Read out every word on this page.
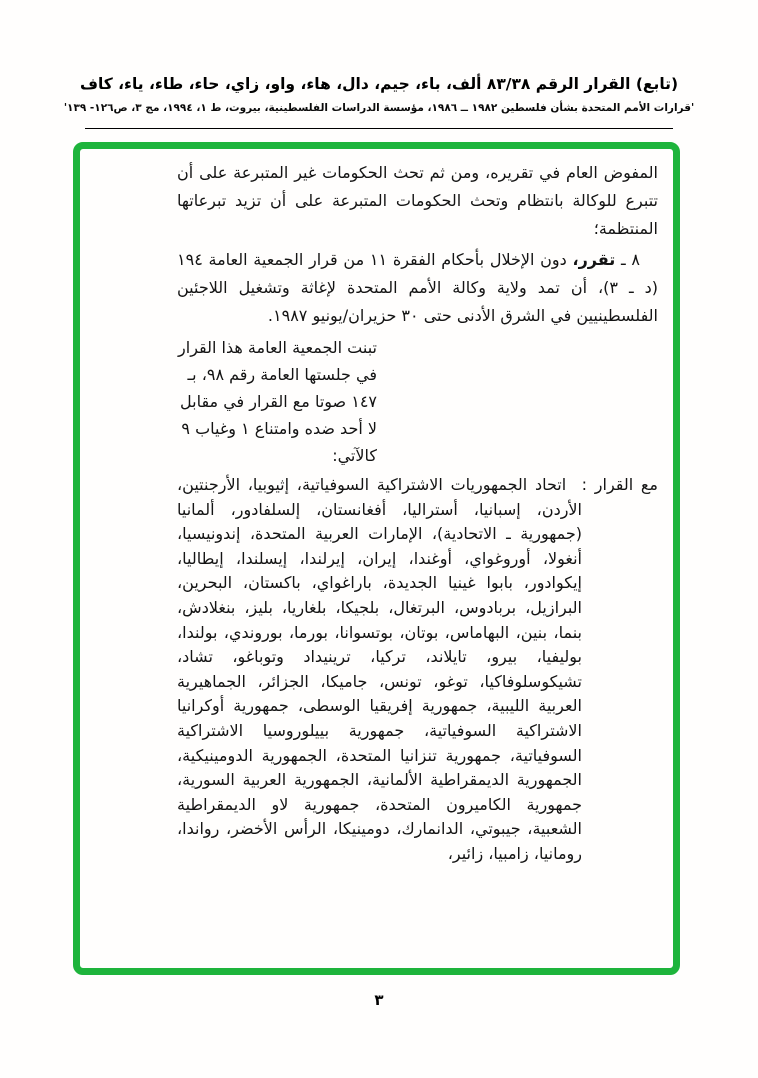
(تابع) القرار الرقم ٨٣/٣٨ ألف، باء، جيم، دال، هاء، واو، زاي، حاء، طاء، ياء، كاف
'قرارات الأمم المتحدة بشأن فلسطين ١٩٨٢ ــ ١٩٨٦، مؤسسة الدراسات الفلسطينية، بيروت، ط ١، ١٩٩٤، مج ٣، ص١٢٦- ١٣٩'

المفوض العام في تقريره، ومن ثم تحث الحكومات غير المتبرعة على أن تتبرع للوكالة بانتظام وتحث الحكومات المتبرعة على أن تزيد تبرعاتها المنتظمة؛

٨ ـ تقرر، دون الإخلال بأحكام الفقرة ١١ من قرار الجمعية العامة ١٩٤ (د ـ ٣)، أن تمد ولاية وكالة الأمم المتحدة لإغاثة وتشغيل اللاجئين الفلسطينيين في الشرق الأدنى حتى ٣٠ حزيران/يونيو ١٩٨٧.

تبنت الجمعية العامة هذا القرار في جلستها العامة رقم ٩٨، بـ ١٤٧ صوتا مع القرار في مقابل لا أحد ضده وامتناع ١ وغياب ٩ كالآتي:

مع القرار :  اتحاد الجمهوريات الاشتراكية السوفياتية، إثيوبيا، الأرجنتين، الأردن، إسبانيا، أستراليا، أفغانستان، إلسلفادور، ألمانيا (جمهورية ـ الاتحادية)، الإمارات العربية المتحدة، إندونيسيا، أنغولا، أوروغواي، أوغندا، إيران، إيرلندا، إيسلندا، إيطاليا، إيكوادور، بابوا غينيا الجديدة، باراغواي، باكستان، البحرين، البرازيل، بربادوس، البرتغال، بلجيكا، بلغاريا، بليز، بنغلادش، بنما، بنين، البهاماس، بوتان، بوتسوانا، بورما، بوروندي، بولندا، بوليفيا، بيرو، تايلاند، تركيا، ترينيداد وتوباغو، تشاد، تشيكوسلوفاكيا، توغو، تونس، جاميكا، الجزائر، الجماهيرية العربية الليبية، جمهورية إفريقيا الوسطى، جمهورية أوكرانيا الاشتراكية السوفياتية، جمهورية بييلوروسيا الاشتراكية السوفياتية، جمهورية تنزانيا المتحدة، الجمهورية الدومينيكية، الجمهورية الديمقراطية الألمانية، الجمهورية العربية السورية، جمهورية الكاميرون المتحدة، جمهورية لاو الديمقراطية الشعبية، جيبوتي، الدانمارك، دومينيكا، الرأس الأخضر، رواندا، رومانيا، زامبيا، زائير،

٣
